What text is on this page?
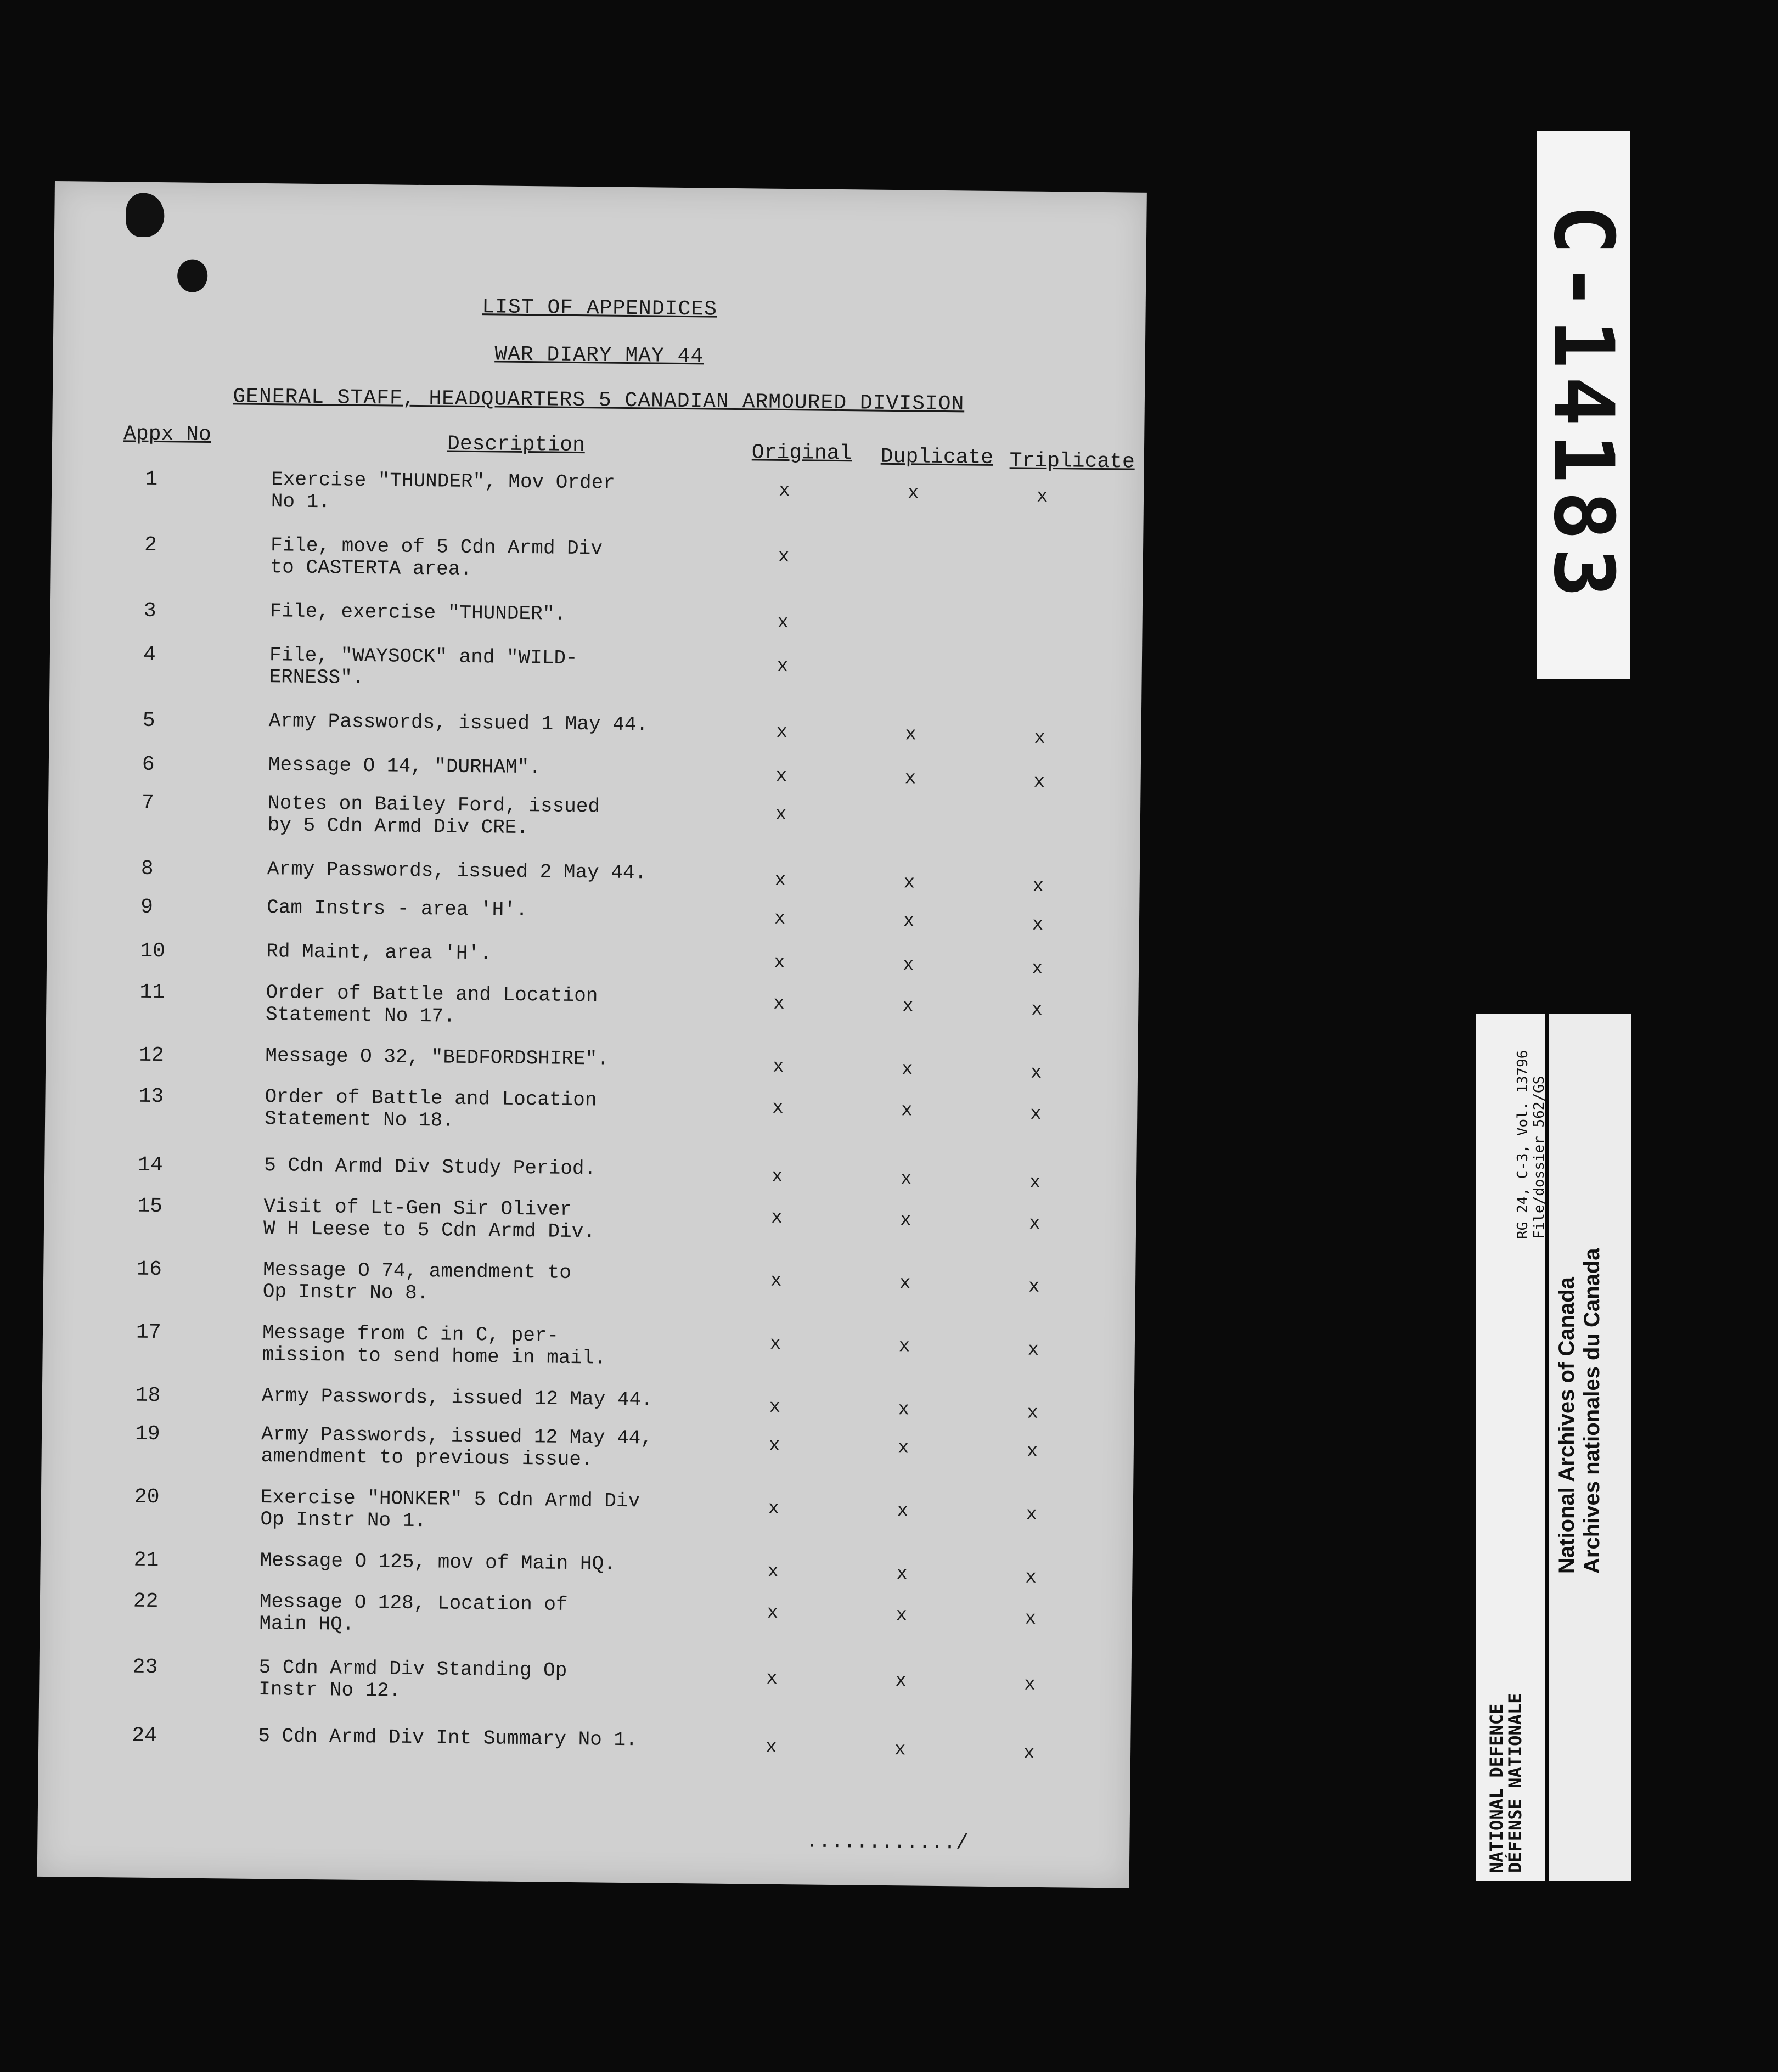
LIST OF APPENDICES
WAR DIARY MAY 44
GENERAL STAFF, HEADQUARTERS 5 CANADIAN ARMOURED DIVISION
Appx No	Description	Original Duplicate Triplicate
1	Exercise "THUNDER", Mov Order
No 1.	x	x	x
2	File, move of 5 Cdn Armd Div
to CASTERTA area.	x
3	File, exercise "THUNDER".	x
4	File, "WAYSOCK" and "WILD-
ERNESS".	x
5	Army Passwords, issued 1 May 44.	x	x	x
6	Message O 14, "DURHAM".	x	x	x
7	Notes on Bailey Ford, issued
by 5 Cdn Armd Div CRE.	x
8	Army Passwords, issued 2 May 44.	x	x	x
9	Cam Instrs - area 'H'.	x	x	x
10	Rd Maint, area 'H'.	x	x	x
11	Order of Battle and Location
Statement No 17.	x	x	x
12	Message O 32, "BEDFORDSHIRE".	x	x	x
13	Order of Battle and Location
Statement No 18.	x	x	x
14	5 Cdn Armd Div Study Period.	x	x	x
15	Visit of Lt-Gen Sir Oliver
W H Leese to 5 Cdn Armd Div.	x	x	x
16	Message O 74, amendment to
Op Instr No 8.	x	x	x
17	Message from C in C, per-
mission to send home in mail.	x	x	x
18	Army Passwords, issued 12 May 44.	x	x	x
19	Army Passwords, issued 12 May 44,
amendment to previous issue.	x	x	x
20	Exercise "HONKER" 5 Cdn Armd Div
Op Instr No 1.	x	x	x
21	Message O 125, mov of Main HQ.	x	x	x
22	Message O 128, Location of
Main HQ.	x	x	x
23	5 Cdn Armd Div Standing Op
Instr No 12.	x	x	x
24	5 Cdn Armd Div Int Summary No 1.	x	x	x
............/
C-14183
NATIONAL DEFENCE
DÉFENSE NATIONALE
RG 24, C-3, Vol. 13796
File/dossier 562/GS
National Archives of Canada
Archives nationales du Canada
